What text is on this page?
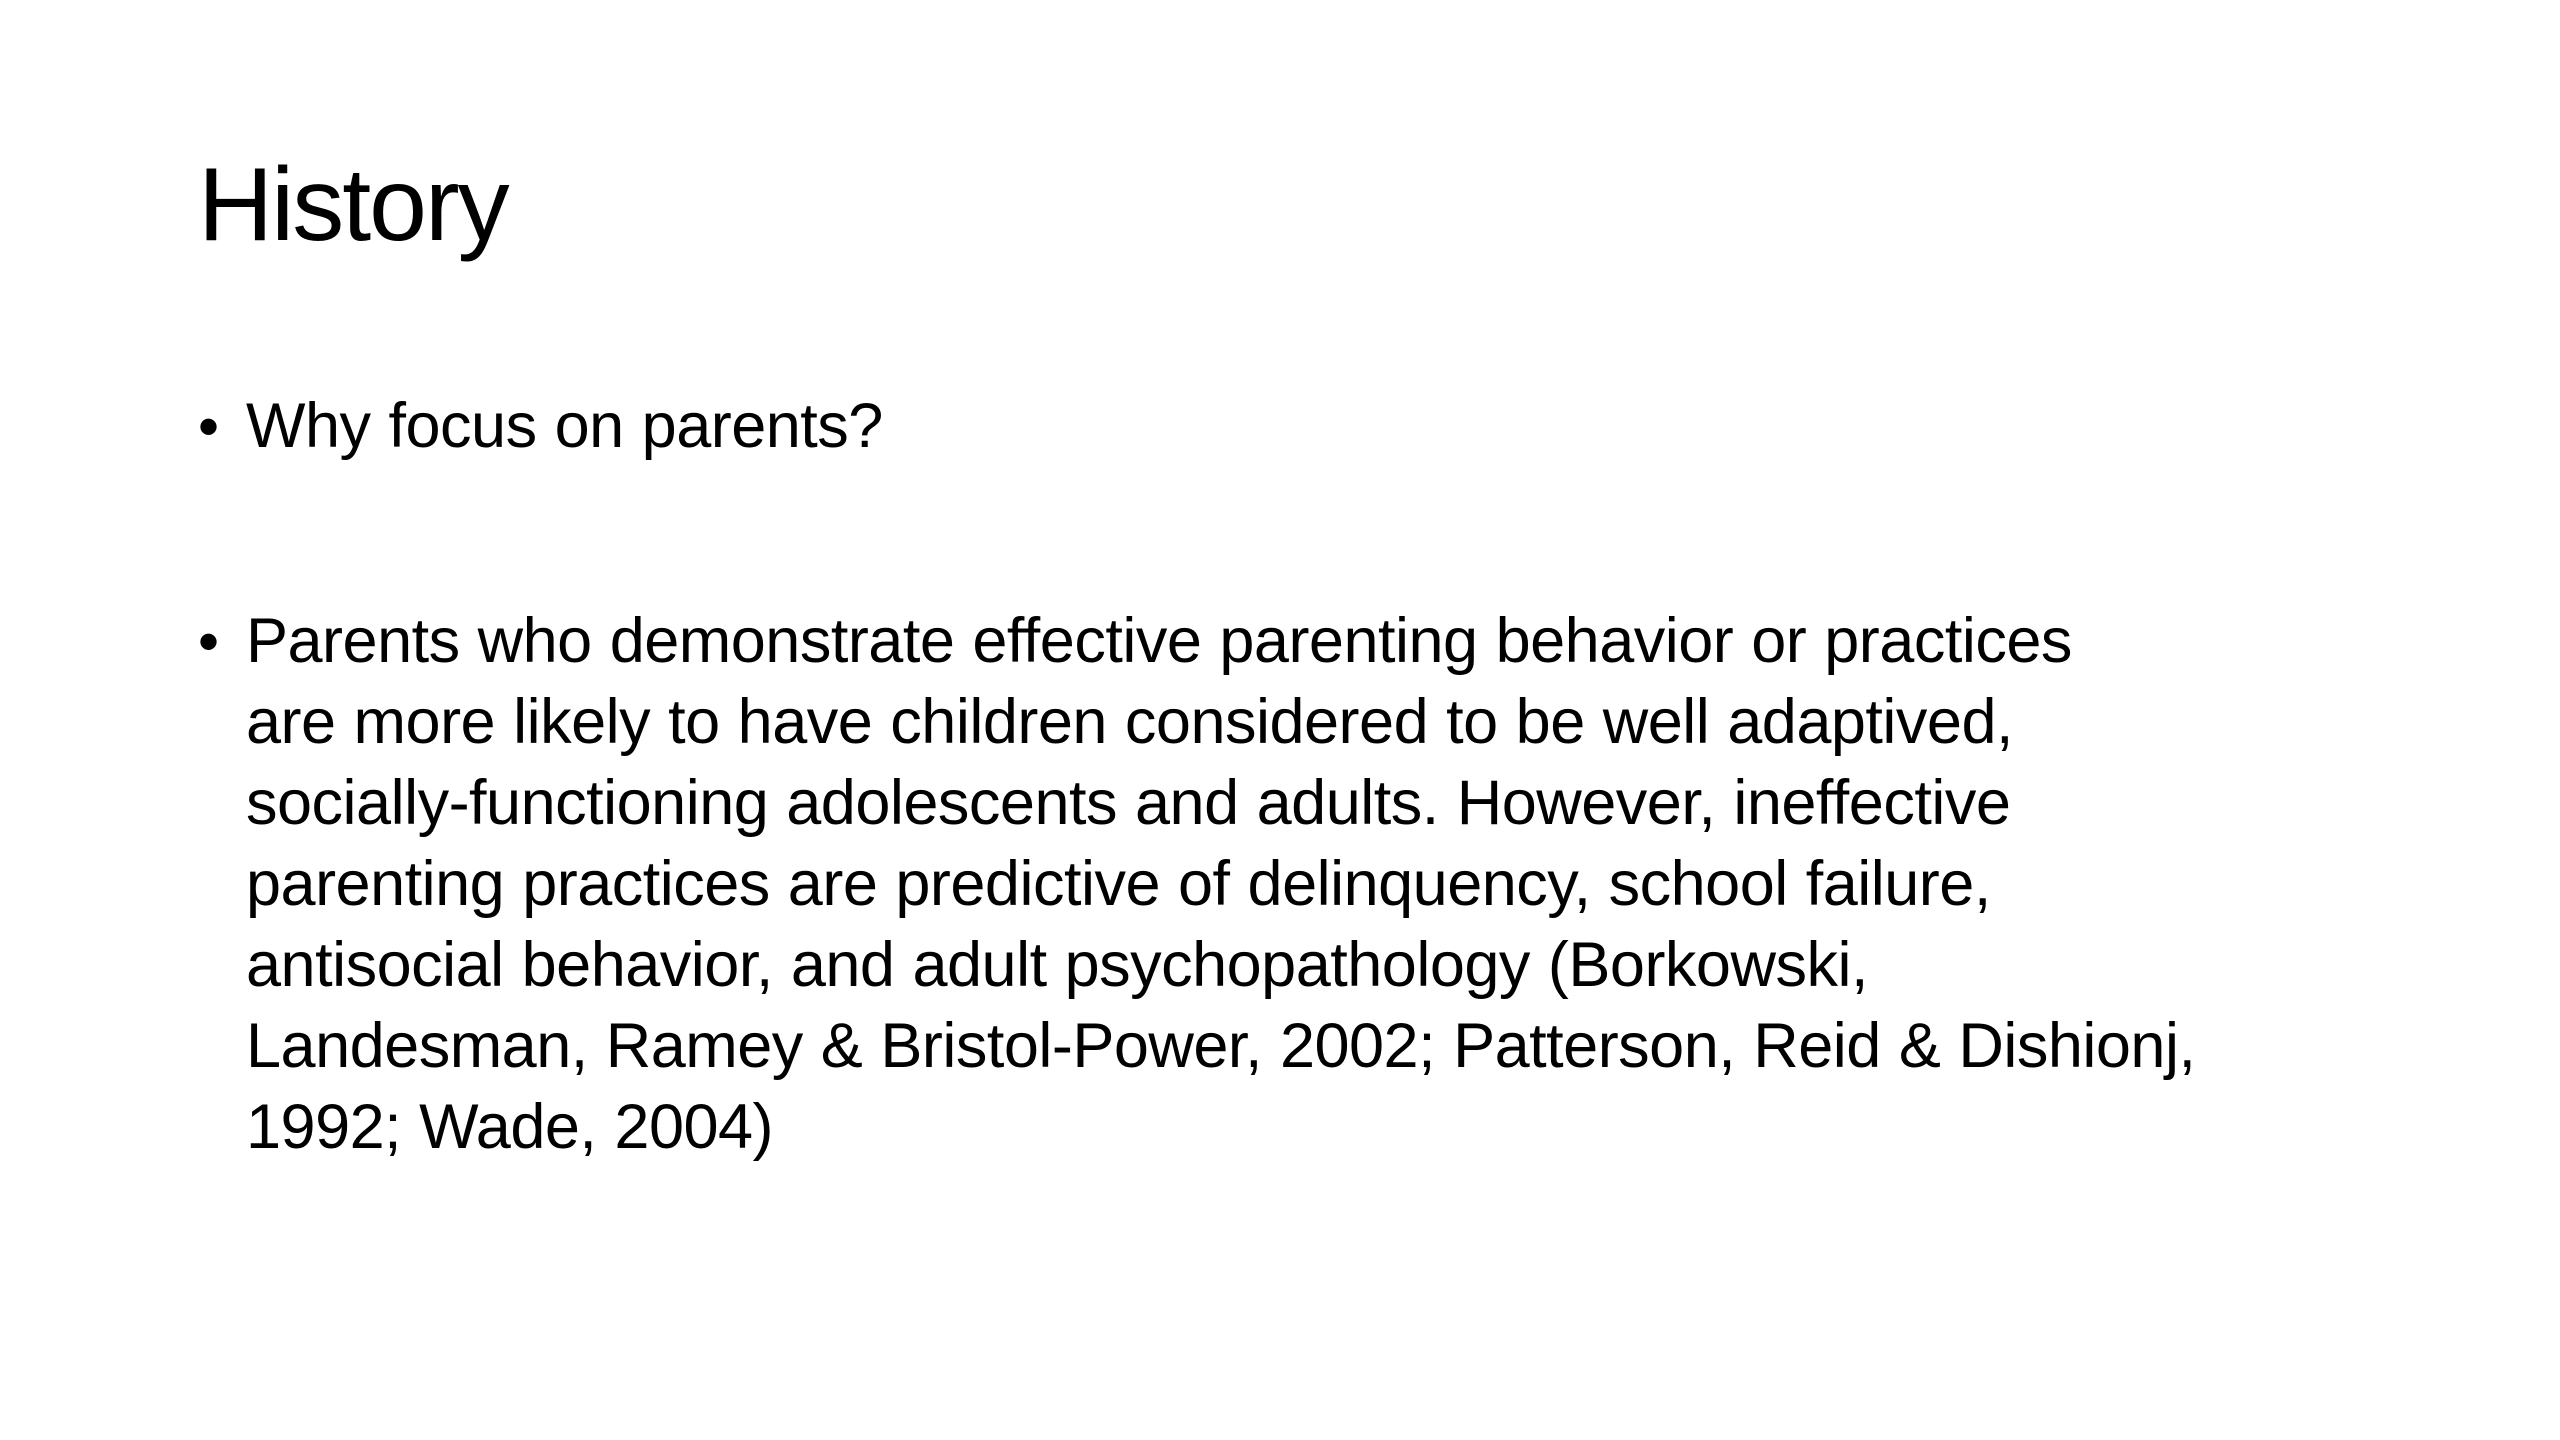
History
• Why focus on parents?
• Parents who demonstrate effective parenting behavior or practices
are more likely to have children considered to be well adaptived,
socially-functioning adolescents and adults. However, ineffective
parenting practices are predictive of delinquency, school failure,
antisocial behavior, and adult psychopathology (Borkowski,
Landesman, Ramey & Bristol-Power, 2002; Patterson, Reid & Dishionj,
1992; Wade, 2004)
